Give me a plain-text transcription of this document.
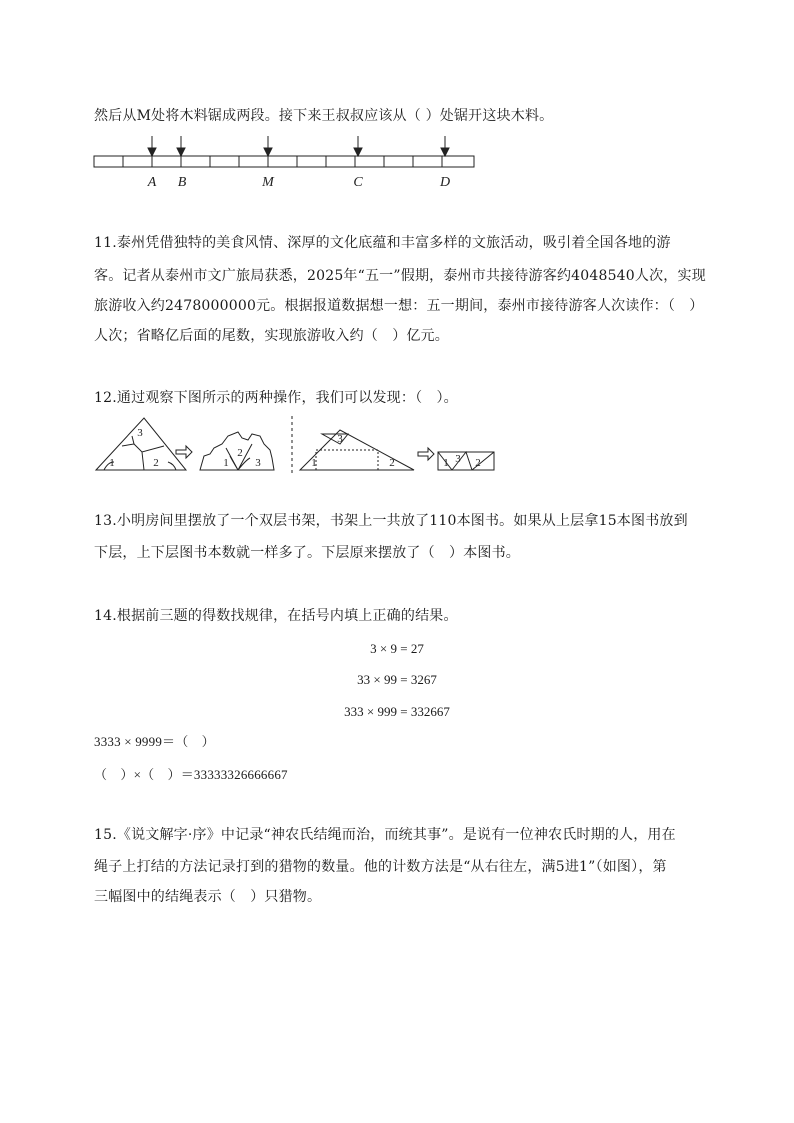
然后从M处将木料锯成两段。接下来王叔叔应该从（ ）处锯开这块木料。
A B	M	C	D
11.泰州凭借独特的美食风情、深厚的文化底蕴和丰富多样的文旅活动，吸引着全国各地的游
客。记者从泰州市文广旅局获悉，2025年“五一”假期，泰州市共接待游客约4048540人次，实现
旅游收入约2478000000元。根据报道数据想一想：五一期间，泰州市接待游客人次读作：（　）
人次；省略亿后面的尾数，实现旅游收入约（　）亿元。
12.通过观察下图所示的两种操作，我们可以发现：（　）。
3
1	2
2
3
1
3
1	2	1 3 2
13.小明房间里摆放了一个双层书架，书架上一共放了110本图书。如果从上层拿15本图书放到
下层，上下层图书本数就一样多了。下层原来摆放了（　）本图书。
14.根据前三题的得数找规律，在括号内填上正确的结果。
3 × 9 = 27
33 × 99 = 3267
333 × 999 = 332667
3333 × 9999＝（　）
（　）×（　）＝33333326666667
15.《说文解字·序》中记录“神农氏结绳而治，而统其事”。是说有一位神农氏时期的人，用在
绳子上打结的方法记录打到的猎物的数量。他的计数方法是“从右往左，满5进1”（如图），第
三幅图中的结绳表示（　）只猎物。
